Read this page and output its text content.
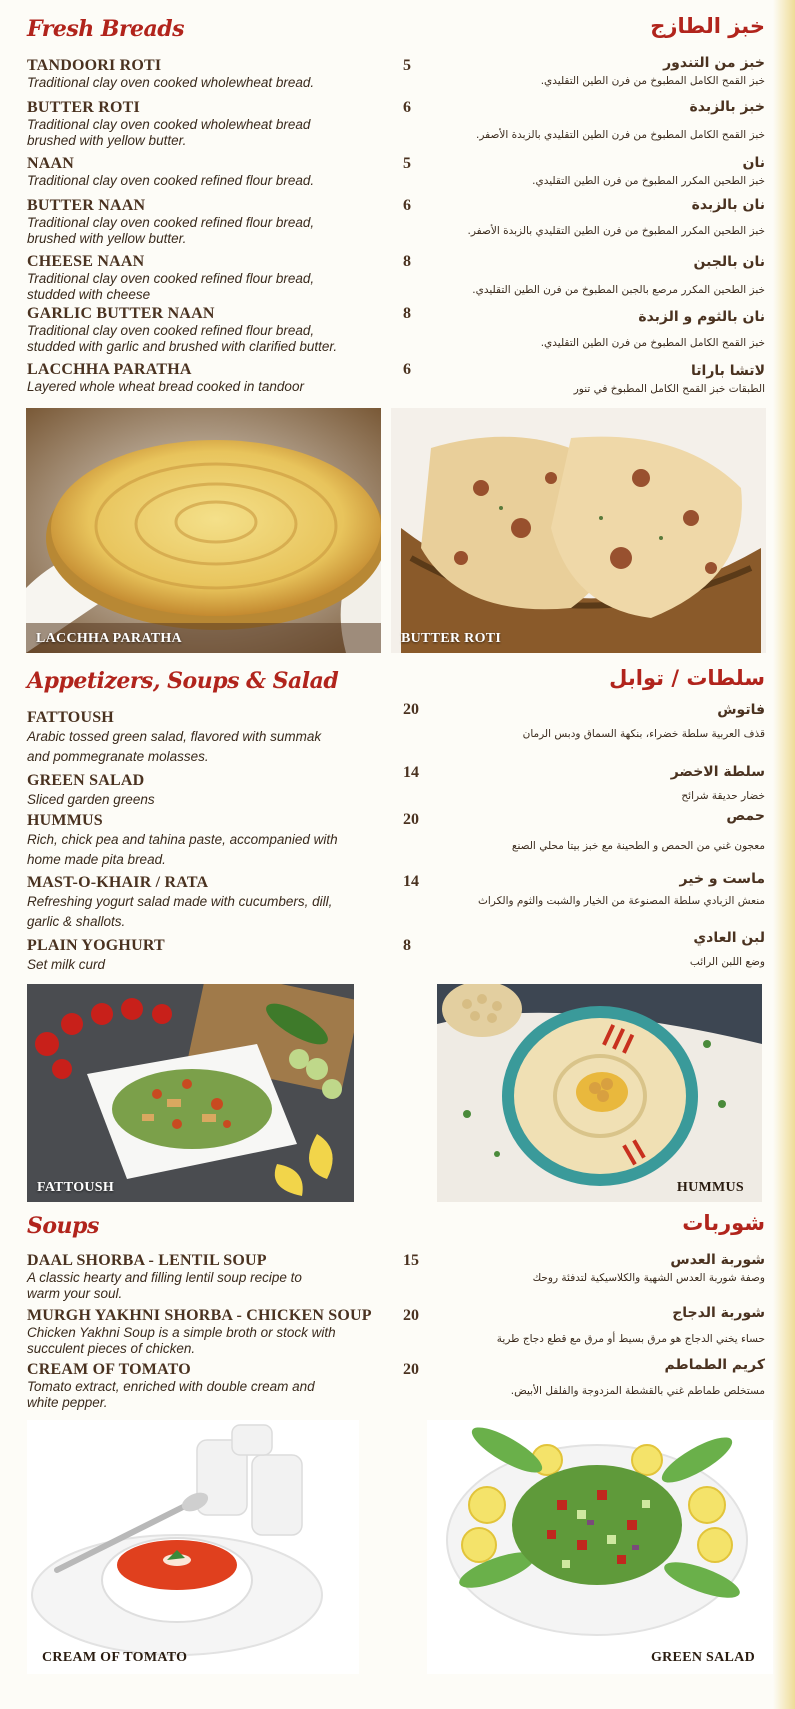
Fresh Breads	خبز الطازج
TANDOORI ROTI
Traditional clay oven cooked wholewheat bread.
5	خبز من التندور
خبز القمح الكامل المطبوخ من فرن الطين التقليدي.
BUTTER ROTI
Traditional clay oven cooked wholewheat bread
brushed with yellow butter.
6	خبز بالزبدة
خبز القمح الكامل المطبوخ من فرن الطين التقليدي بالزبدة الأصفر.
NAAN
Traditional clay oven cooked refined flour bread.
5	نان
خبز الطحين المكرر المطبوخ من فرن الطين التقليدي.
BUTTER NAAN
Traditional clay oven cooked refined flour bread,
brushed with yellow butter.
6	نان بالزبدة
خبز الطحين المكرر المطبوخ من فرن الطين التقليدي بالزبدة الأصفر.
CHEESE NAAN
Traditional clay oven cooked refined flour bread,
studded with cheese
8	نان بالجبن
خبز الطحين المكرر مرصع بالجبن المطبوخ من فرن الطين التقليدي.
GARLIC BUTTER NAAN
Traditional clay oven cooked refined flour bread,
studded with garlic and brushed with clarified butter.
8	نان بالثوم و الزبدة
خبز القمح الكامل المطبوخ من فرن الطين التقليدي.
LACCHHA PARATHA
Layered whole wheat bread cooked in tandoor
6	لاتشا باراتا
الطبقات خبز القمح الكامل المطبوخ في تنور
LACCHHA PARATHA	BUTTER ROTI
Appetizers, Soups & Salad	سلطات / توابل
FATTOUSH
Arabic tossed green salad, flavored with summak
and pommegranate molasses.
20	فاتوش
قذف العربية سلطة خضراء، بنكهة السماق ودبس الرمان
GREEN SALAD
Sliced garden greens
14	سلطة الاخضر
خضار حديقة شرائح
HUMMUS
Rich, chick pea and tahina paste, accompanied with
home made pita bread.
20	حمص
معجون غني من الحمص و الطحينة مع خبز بيتا محلي الصنع
MAST-O-KHAIR / RATA
Refreshing yogurt salad made with cucumbers, dill,
garlic & shallots.
14	ماست و خير
منعش الزبادي سلطة المصنوعة من الخيار والشبت والثوم والكراث
PLAIN YOGHURT
Set milk curd
8	لبن العادي
وضع اللبن الرائب
FATTOUSH	HUMMUS
Soups	شوربات
DAAL SHORBA - LENTIL SOUP
A classic hearty and filling lentil soup recipe to
warm your soul.
15	شوربة العدس
وصفة شوربة العدس الشهية والكلاسيكية لتدفئة روحك
MURGH YAKHNI SHORBA - CHICKEN SOUP
Chicken Yakhni Soup is a simple broth or stock with
succulent pieces of chicken.
20	شوربة الدجاج
حساء يخني الدجاج هو مرق بسيط أو مرق مع قطع دجاج طرية
CREAM OF TOMATO
Tomato extract, enriched with double cream and
white pepper.
20	كريم الطماطم
مستخلص طماطم غني بالقشطة المزدوجة والفلفل الأبيض.
CREAM OF TOMATO	GREEN SALAD
